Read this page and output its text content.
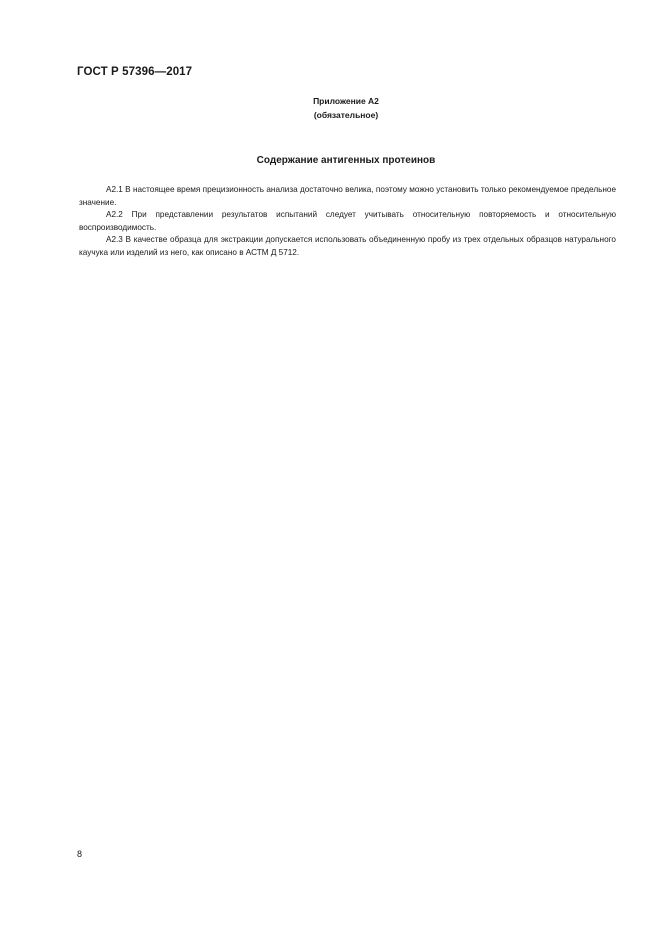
ГОСТ Р 57396—2017
Приложение А2
(обязательное)
Содержание антигенных протеинов

А2.1 В настоящее время прецизионность анализа достаточно велика, поэтому можно установить только рекомендуемое предельное значение.

А2.2 При представлении результатов испытаний следует учитывать относительную повторяемость и относительную воспроизводимость.

А2.3 В качестве образца для экстракции допускается использовать объединенную пробу из трех отдельных образцов натурального каучука или изделий из него, как описано в АСТМ Д 5712.

8
